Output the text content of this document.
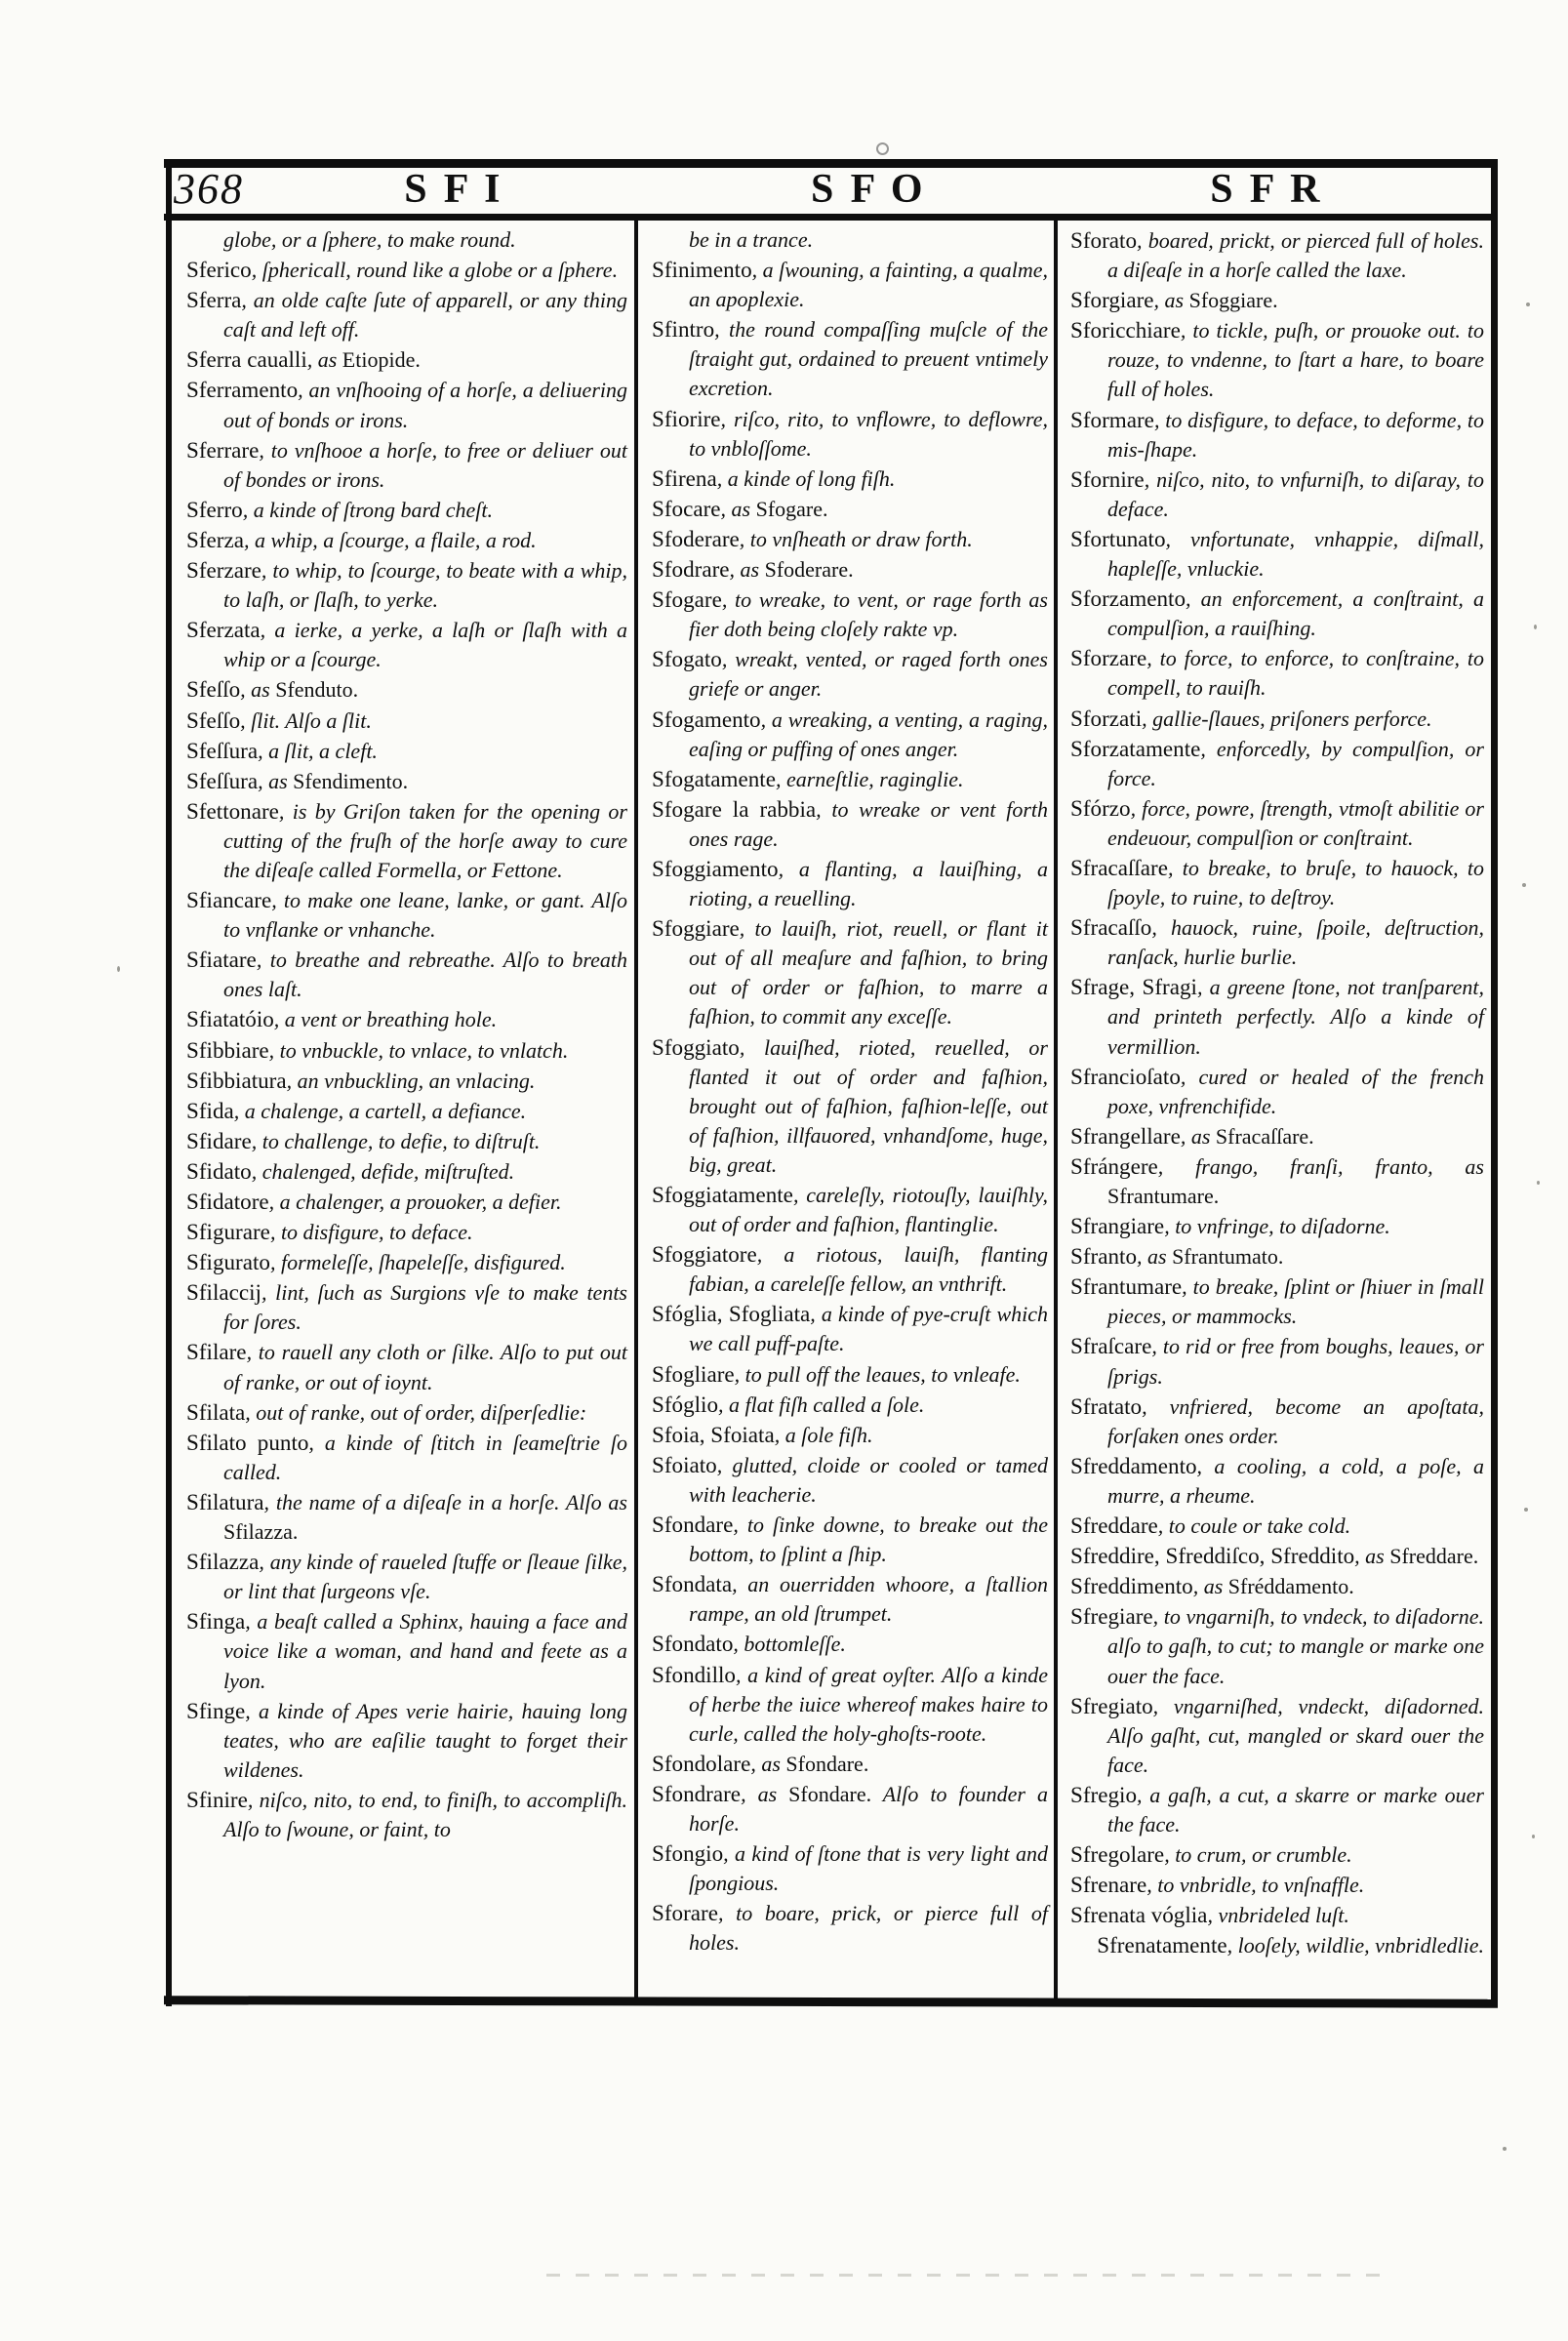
368	S F I	S F O	S F R
globe, or a ſphere, to make round.
Sferico, ſphericall, round like a globe or a ſphere.
Sferra, an olde caſte ſute of apparell, or any thing caſt and left off.
Sferra caualli, as Etiopide.
Sferramento, an vnſhooing of a horſe, a deliuering out of bonds or irons.
Sferrare, to vnſhooe a horſe, to free or deliuer out of bondes or irons.
Sferro, a kinde of ſtrong bard cheſt.
Sferza, a whip, a ſcourge, a flaile, a rod.
Sferzare, to whip, to ſcourge, to beate with a whip, to laſh, or ſlaſh, to yerke.
Sferzata, a ierke, a yerke, a laſh or ſlaſh with a whip or a ſcourge.
Sfeſſo, as Sfenduto.
Sfeſſo, ſlit. Alſo a ſlit.
Sfeſſura, a ſlit, a cleft.
Sfeſſura, as Sfendimento.
Sfettonare, is by Griſon taken for the opening or cutting of the fruſh of the horſe away to cure the diſeaſe called Formella, or Fettone.
Sfiancare, to make one leane, lanke, or gant. Alſo to vnflanke or vnhanche.
Sfiatare, to breathe and rebreathe. Alſo to breath ones laſt.
Sfiatatóio, a vent or breathing hole.
Sfibbiare, to vnbuckle, to vnlace, to vnlatch.
Sfibbiatura, an vnbuckling, an vnlacing.
Sfida, a chalenge, a cartell, a defiance.
Sfidare, to challenge, to defie, to diſtruſt.
Sfidato, chalenged, defide, miſtruſted.
Sfidatore, a chalenger, a prouoker, a defier.
Sfigurare, to disfigure, to deface.
Sfigurato, formeleſſe, ſhapeleſſe, disfigured.
Sfilaccij, lint, ſuch as Surgions vſe to make tents for ſores.
Sfilare, to rauell any cloth or ſilke. Alſo to put out of ranke, or out of ioynt.
Sfilata, out of ranke, out of order, diſperſedlie:
Sfilato punto, a kinde of ſtitch in ſeameſtrie ſo called.
Sfilatura, the name of a diſeaſe in a horſe. Alſo as Sfilazza.
Sfilazza, any kinde of raueled ſtuffe or ſleaue ſilke, or lint that ſurgeons vſe.
Sfinga, a beaſt called a Sphinx, hauing a face and voice like a woman, and hand and feete as a lyon.
Sfinge, a kinde of Apes verie hairie, hauing long teates, who are eaſilie taught to forget their wildenes.
Sfinire, niſco, nito, to end, to finiſh, to accompliſh. Alſo to ſwoune, or faint, to
be in a trance.
Sfinimento, a ſwouning, a fainting, a qualme, an apoplexie.
Sfintro, the round compaſſing muſcle of the ſtraight gut, ordained to preuent vntimely excretion.
Sfiorire, riſco, rito, to vnflowre, to deflowre, to vnbloſſome.
Sfirena, a kinde of long fiſh.
Sfocare, as Sfogare.
Sfoderare, to vnſheath or draw forth.
Sfodrare, as Sfoderare.
Sfogare, to wreake, to vent, or rage forth as fier doth being cloſely rakte vp.
Sfogato, wreakt, vented, or raged forth ones griefe or anger.
Sfogamento, a wreaking, a venting, a raging, eaſing or puffing of ones anger.
Sfogatamente, earneſtlie, raginglie.
Sfogare la rabbia, to wreake or vent forth ones rage.
Sfoggiamento, a flanting, a lauiſhing, a rioting, a reuelling.
Sfoggiare, to lauiſh, riot, reuell, or flant it out of all meaſure and faſhion, to bring out of order or faſhion, to marre a faſhion, to commit any exceſſe.
Sfoggiato, lauiſhed, rioted, reuelled, or flanted it out of order and faſhion, brought out of faſhion, faſhion-leſſe, out of faſhion, illfauored, vnhandſome, huge, big, great.
Sfoggiatamente, careleſly, riotouſly, lauiſhly, out of order and faſhion, flantinglie.
Sfoggiatore, a riotous, lauiſh, flanting fabian, a careleſſe fellow, an vnthrift.
Sfóglia, Sfogliata, a kinde of pye-cruſt which we call puff-paſte.
Sfogliare, to pull off the leaues, to vnleafe.
Sfóglio, a flat fiſh called a ſole.
Sfoia, Sfoiata, a ſole fiſh.
Sfoiato, glutted, cloide or cooled or tamed with leacherie.
Sfondare, to ſinke downe, to breake out the bottom, to ſplint a ſhip.
Sfondata, an ouerridden whoore, a ſtallion rampe, an old ſtrumpet.
Sfondato, bottomleſſe.
Sfondillo, a kind of great oyſter. Alſo a kinde of herbe the iuice whereof makes haire to curle, called the holy-ghoſts-roote.
Sfondolare, as Sfondare.
Sfondrare, as Sfondare. Alſo to founder a horſe.
Sfongio, a kind of ſtone that is very light and ſpongious.
Sforare, to boare, prick, or pierce full of holes.
Sforato, boared, prickt, or pierced full of holes. a diſeaſe in a horſe called the laxe.
Sforgiare, as Sfoggiare.
Sforicchiare, to tickle, puſh, or prouoke out. to rouze, to vndenne, to ſtart a hare, to boare full of holes.
Sformare, to disfigure, to deface, to deforme, to mis-ſhape.
Sfornire, niſco, nito, to vnfurniſh, to diſaray, to deface.
Sfortunato, vnfortunate, vnhappie, diſmall, hapleſſe, vnluckie.
Sforzamento, an enforcement, a conſtraint, a compulſion, a rauiſhing.
Sforzare, to force, to enforce, to conſtraine, to compell, to rauiſh.
Sforzati, gallie-ſlaues, priſoners perforce.
Sforzatamente, enforcedly, by compulſion, or force.
Sfórzo, force, powre, ſtrength, vtmoſt abilitie or endeuour, compulſion or conſtraint.
Sfracaſſare, to breake, to bruſe, to hauock, to ſpoyle, to ruine, to deſtroy.
Sfracaſſo, hauock, ruine, ſpoile, deſtruction, ranſack, hurlie burlie.
Sfrage, Sfragi, a greene ſtone, not tranſparent, and printeth perfectly. Alſo a kinde of vermillion.
Sfrancioſato, cured or healed of the french poxe, vnfrenchifide.
Sfrangellare, as Sfracaſſare.
Sfrángere, frango, franſi, franto, as Sfrantumare.
Sfrangiare, to vnfringe, to diſadorne.
Sfranto, as Sfrantumato.
Sfrantumare, to breake, ſplint or ſhiuer in ſmall pieces, or mammocks.
Sfraſcare, to rid or free from boughs, leaues, or ſprigs.
Sfratato, vnfriered, become an apoſtata, forſaken ones order.
Sfreddamento, a cooling, a cold, a poſe, a murre, a rheume.
Sfreddare, to coule or take cold.
Sfreddire, Sfreddiſco, Sfreddito, as Sfreddare.
Sfreddimento, as Sfréddamento.
Sfregiare, to vngarniſh, to vndeck, to diſadorne. alſo to gaſh, to cut; to mangle or marke one ouer the face.
Sfregiato, vngarniſhed, vndeckt, diſadorned. Alſo gaſht, cut, mangled or skard ouer the face.
Sfregio, a gaſh, a cut, a skarre or marke ouer the face.
Sfregolare, to crum, or crumble.
Sfrenare, to vnbridle, to vnſnaffle.
Sfrenata vóglia, vnbrideled luſt.
Sfrenatamente, looſely, wildlie, vnbridledlie.
